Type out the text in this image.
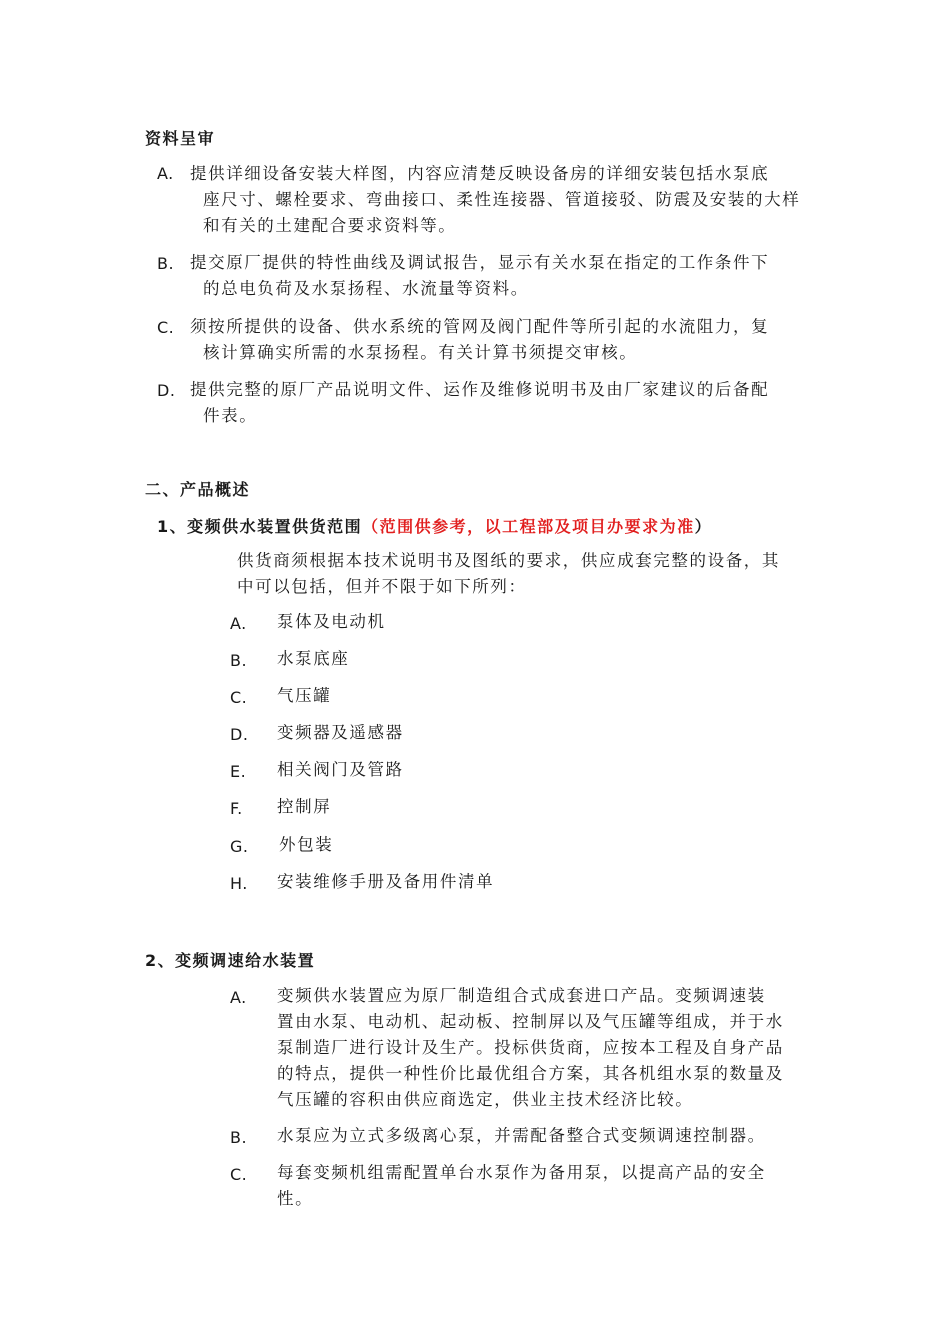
资料呈审
A. 提供详细设备安装大样图，内容应清楚反映设备房的详细安装包括水泵底
座尺寸、螺栓要求、弯曲接口、柔性连接器、管道接驳、防震及安装的大样
和有关的土建配合要求资料等。
B. 提交原厂提供的特性曲线及调试报告，显示有关水泵在指定的工作条件下
的总电负荷及水泵扬程、水流量等资料。
C. 须按所提供的设备、供水系统的管网及阀门配件等所引起的水流阻力，复
核计算确实所需的水泵扬程。有关计算书须提交审核。
D. 提供完整的原厂产品说明文件、运作及维修说明书及由厂家建议的后备配
件表。
二、产品概述
1、变频供水装置供货范围（范围供参考，以工程部及项目办要求为准）
供货商须根据本技术说明书及图纸的要求，供应成套完整的设备，其
中可以包括，但并不限于如下所列：
A. 泵体及电动机
B. 水泵底座
C. 气压罐
D. 变频器及遥感器
E. 相关阀门及管路
F. 控制屏
G. 外包装
H. 安装维修手册及备用件清单
2、变频调速给水装置
A. 变频供水装置应为原厂制造组合式成套进口产品。变频调速装
置由水泵、电动机、起动板、控制屏以及气压罐等组成，并于水
泵制造厂进行设计及生产。投标供货商，应按本工程及自身产品
的特点，提供一种性价比最优组合方案，其各机组水泵的数量及
气压罐的容积由供应商选定，供业主技术经济比较。
B. 水泵应为立式多级离心泵，并需配备整合式变频调速控制器。
C. 每套变频机组需配置单台水泵作为备用泵，以提高产品的安全
性。
